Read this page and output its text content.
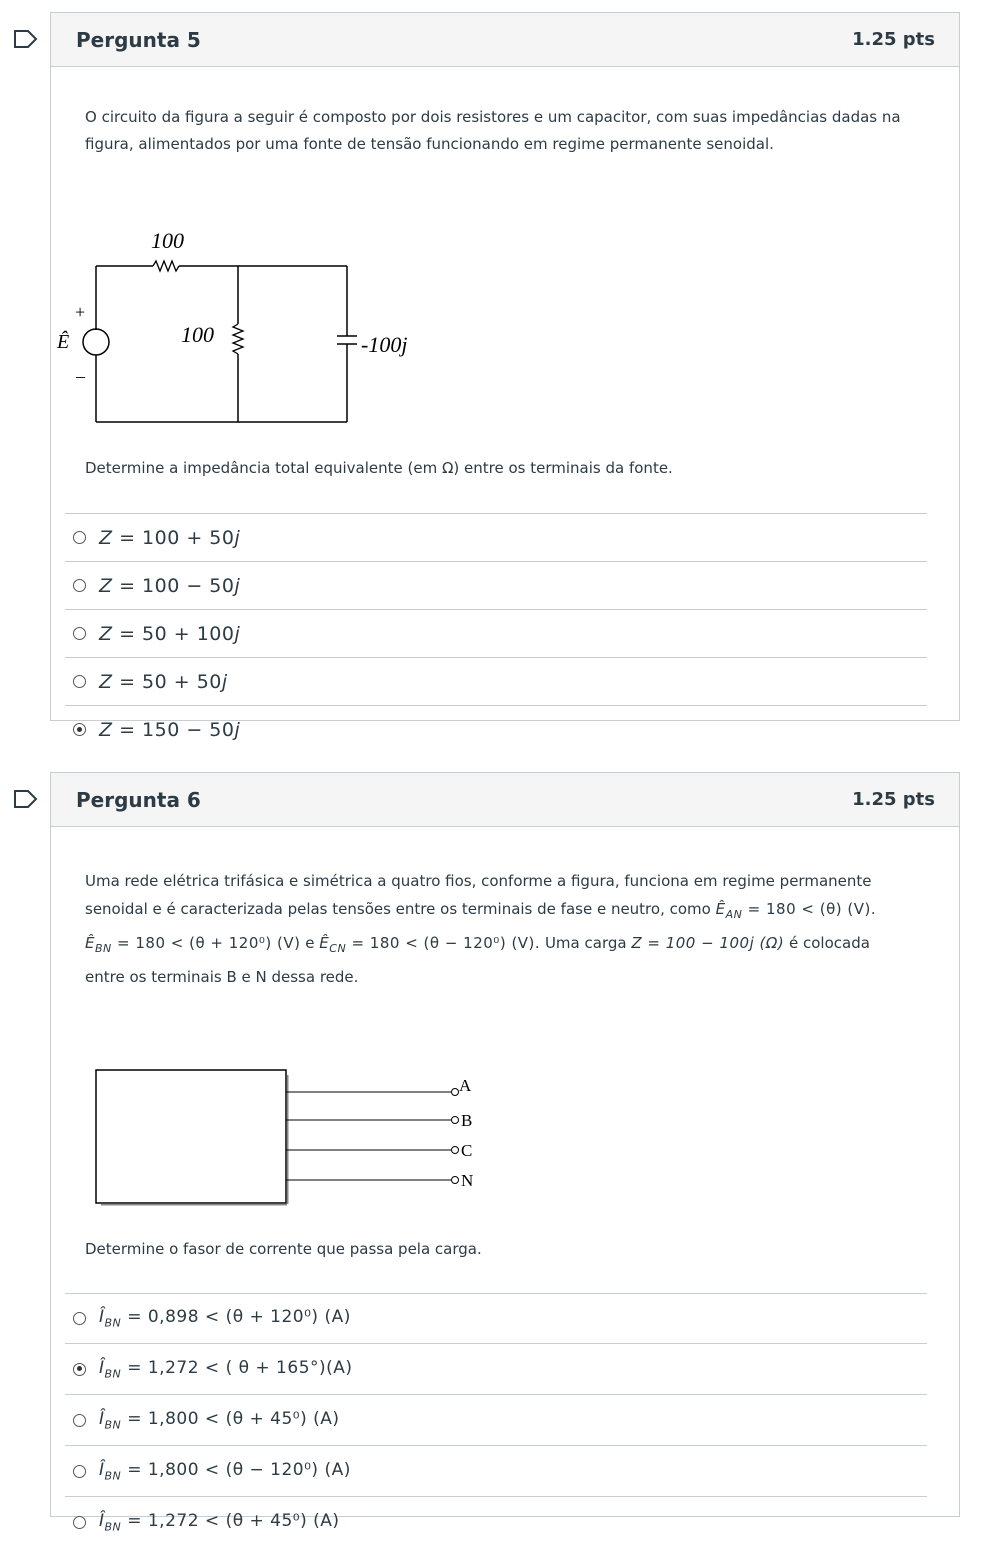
Pergunta 5	1.25 pts
O circuito da figura a seguir é composto por dois resistores e um capacitor, com suas impedâncias dadas na
figura, alimentados por uma fonte de tensão funcionando em regime permanente senoidal.
100
100	-100j
Ê
+
–
Determine a impedância total equivalente (em Ω) entre os terminais da fonte.
Z = 100 + 50j
Z = 100 − 50j
Z = 50 + 100j
Z = 50 + 50j
Z = 150 − 50j
Pergunta 6	1.25 pts
Uma rede elétrica trifásica e simétrica a quatro fios, conforme a figura, funciona em regime permanente
senoidal e é caracterizada pelas tensões entre os terminais de fase e neutro, como $Ê_{AN} = 180 < (\theta)$ (V).
$Ê_{BN} = 180 < (\theta + 120^0)$ (V) e $Ê_{CN} = 180 < (\theta - 120^0)$ (V). Uma carga Z = 100 − 100j (Ω) é colocada
entre os terminais B e N dessa rede.
A
B
C
N
Determine o fasor de corrente que passa pela carga.
$Î_{BN} = 0,898 < (\theta + 120^0)$ (A)
$Î_{BN} = 1,272$ < ( θ + 165°)(A)
$Î_{BN} = 1,800 < (\theta + 45^0)$ (A)
$Î_{BN} = 1,800 < (\theta - 120^0)$ (A)
$Î_{BN} = 1,272 < (\theta + 45^0)$ (A)
